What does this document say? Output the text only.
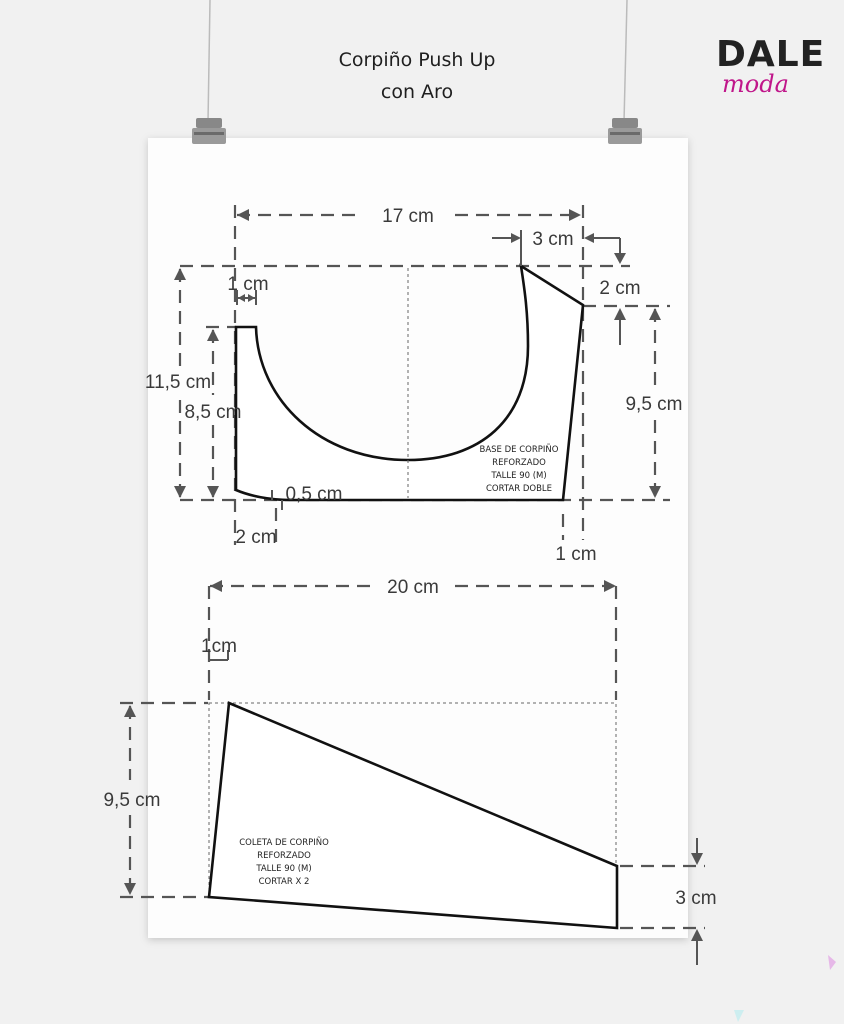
Corpiño Push Up
con Aro
DALE
moda
BASE DE CORPIÑO
REFORZADO
TALLE 90 (M)
CORTAR DOBLE
17 cm
3 cm
1 cm	2 cm
11,5 cm
8,5 cm	9,5 cm
0,5 cm
2 cm
1 cm
20 cm
1cm
COLETA DE CORPIÑO
REFORZADO
TALLE 90 (M)
CORTAR X 2
9,5 cm
3 cm
